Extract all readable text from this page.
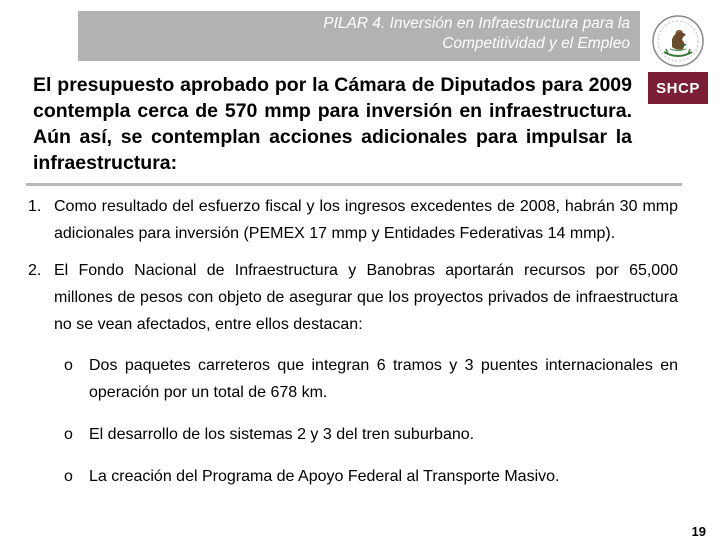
PILAR 4. Inversión en Infraestructura para la
Competitividad y el Empleo
SHCP
El presupuesto aprobado por la Cámara de Diputados para 2009 contempla cerca de 570 mmp para inversión en infraestructura. Aún así, se contemplan acciones adicionales para impulsar la infraestructura:
1. Como resultado del esfuerzo fiscal y los ingresos excedentes de 2008, habrán 30 mmp adicionales para inversión (PEMEX 17 mmp y Entidades Federativas 14 mmp).
2. El Fondo Nacional de Infraestructura y Banobras aportarán recursos por 65,000 millones de pesos con objeto de asegurar que los proyectos privados de infraestructura no se vean afectados, entre ellos destacan:
o Dos paquetes carreteros que integran 6 tramos y 3 puentes internacionales en operación por un total de 678 km.
o El desarrollo de los sistemas 2 y 3 del tren suburbano.
o La creación del Programa de Apoyo Federal al Transporte Masivo.
19
